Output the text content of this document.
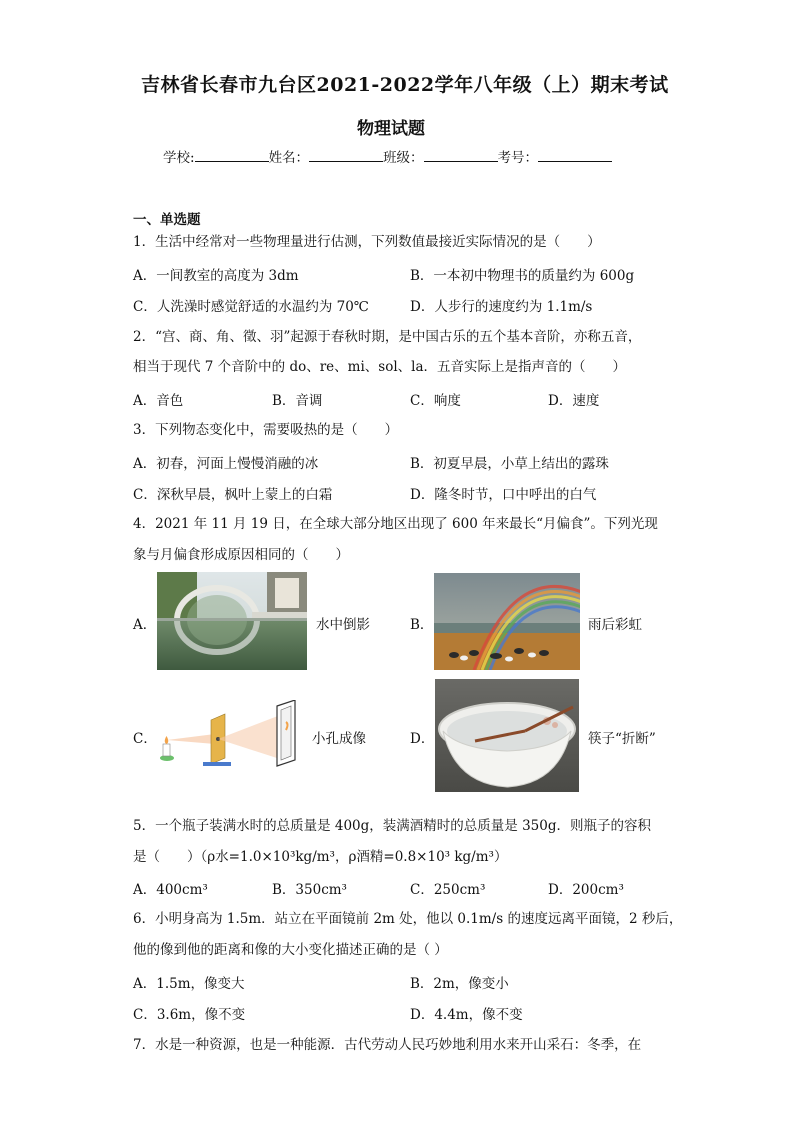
吉林省长春市九台区2021-2022学年八年级（上）期末考试
物理试题
学校:	姓名：	班级：	考号：
一、单选题
1．生活中经常对一些物理量进行估测，下列数值最接近实际情况的是（　　）
A．一间教室的高度为 3dm	B．一本初中物理书的质量约为 600g
C．人洗澡时感觉舒适的水温约为 70℃	D．人步行的速度约为 1.1m/s
2．“宫、商、角、徵、羽”起源于春秋时期，是中国古乐的五个基本音阶，亦称五音，
相当于现代 7 个音阶中的 do、re、mi、sol、la．五音实际上是指声音的（　　）
A．音色	B．音调	C．响度	D．速度
3．下列物态变化中，需要吸热的是（　　）
A．初春，河面上慢慢消融的冰	B．初夏早晨，小草上结出的露珠
C．深秋早晨，枫叶上蒙上的白霜	D．隆冬时节，口中呼出的白气
4．2021 年 11 月 19 日，在全球大部分地区出现了 600 年来最长“月偏食”。下列光现
象与月偏食形成原因相同的（　　）
A．	水中倒影	B．	雨后彩虹
C．	小孔成像	D．	筷子“折断”
5．一个瓶子装满水时的总质量是 400g，装满酒精时的总质量是 350g．则瓶子的容积
是（　　）（ρ水=1.0×10³kg/m³，ρ酒精=0.8×10³ kg/m³）
A．400cm³	B．350cm³	C．250cm³	D．200cm³
6．小明身高为 1.5m．站立在平面镜前 2m 处，他以 0.1m/s 的速度远离平面镜，2 秒后，
他的像到他的距离和像的大小变化描述正确的是（ ）
A．1.5m，像变大	B．2m，像变小
C．3.6m，像不变	D．4.4m，像不变
7．水是一种资源，也是一种能源．古代劳动人民巧妙地利用水来开山采石：冬季，在
